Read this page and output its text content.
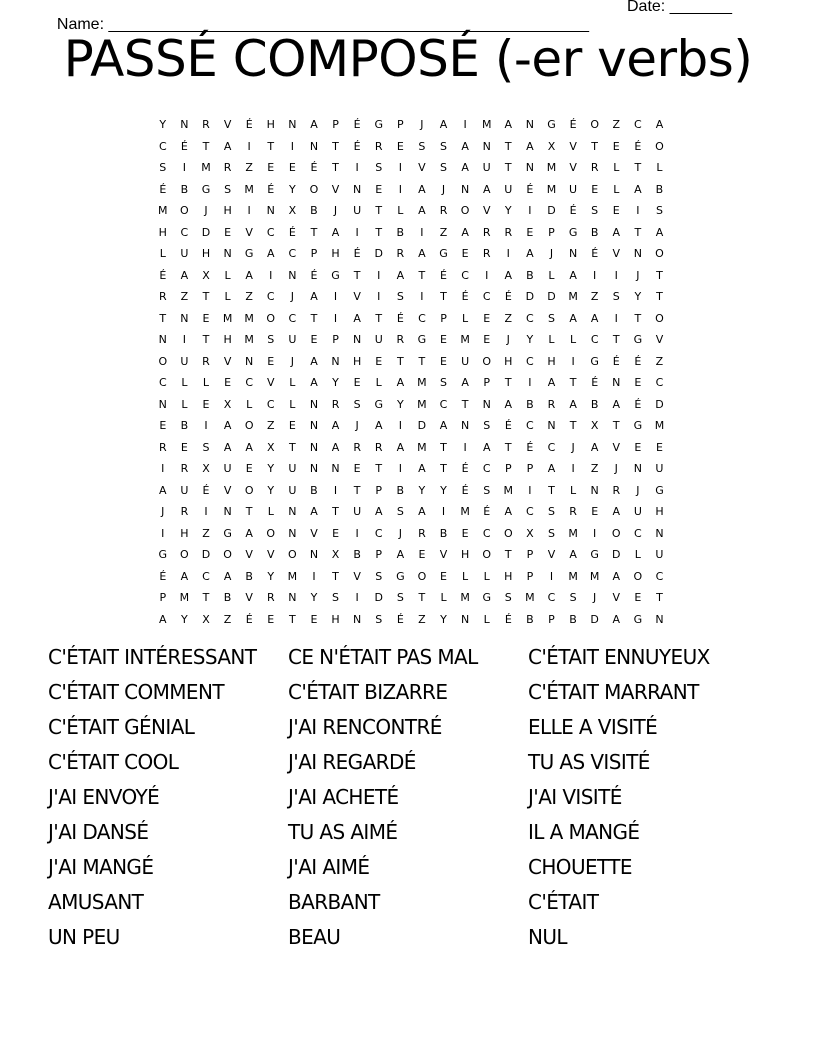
Name: ______________________________________________________

Date: _______

PASSÉ COMPOSÉ (-er verbs)
Y	N	R	V	É	H	N	A	P	É	G	P	J	A	I	M	A	N	G	É	O	Z	C	A
C	É	T	A	I	T	I	N	T	É	R	E	S	S	A	N	T	A	X	V	T	E	É	O
S	I	M	R	Z	E	E	É	T	I	S	I	V	S	A	U	T	N	M	V	R	L	T	L
É	B	G	S	M	É	Y	O	V	N	E	I	A	J	N	A	U	É	M	U	E	L	A	B
M	O	J	H	I	N	X	B	J	U	T	L	A	R	O	V	Y	I	D	É	S	E	I	S
H	C	D	E	V	C	É	T	A	I	T	B	I	Z	A	R	R	E	P	G	B	A	T	A
L	U	H	N	G	A	C	P	H	É	D	R	A	G	E	R	I	A	J	N	É	V	N	O
É	A	X	L	A	I	N	É	G	T	I	A	T	É	C	I	A	B	L	A	I	I	J	T
R	Z	T	L	Z	C	J	A	I	V	I	S	I	T	É	C	É	D	D	M	Z	S	Y	T
T	N	E	M	M	O	C	T	I	A	T	É	C	P	L	E	Z	C	S	A	A	I	T	O
N	I	T	H	M	S	U	E	P	N	U	R	G	E	M	E	J	Y	L	L	C	T	G	V
O	U	R	V	N	E	J	A	N	H	E	T	T	E	U	O	H	C	H	I	G	É	É	Z
C	L	L	E	C	V	L	A	Y	E	L	A	M	S	A	P	T	I	A	T	É	N	E	C
N	L	E	X	L	C	L	N	R	S	G	Y	M	C	T	N	A	B	R	A	B	A	É	D
E	B	I	A	O	Z	E	N	A	J	A	I	D	A	N	S	É	C	N	T	X	T	G	M
R	E	S	A	A	X	T	N	A	R	R	A	M	T	I	A	T	É	C	J	A	V	E	E
I	R	X	U	E	Y	U	N	N	E	T	I	A	T	É	C	P	P	A	I	Z	J	N	U
A	U	É	V	O	Y	U	B	I	T	P	B	Y	Y	É	S	M	I	T	L	N	R	J	G
J	R	I	N	T	L	N	A	T	U	A	S	A	I	M	É	A	C	S	R	E	A	U	H
I	H	Z	G	A	O	N	V	E	I	C	J	R	B	E	C	O	X	S	M	I	O	C	N
G	O	D	O	V	V	O	N	X	B	P	A	E	V	H	O	T	P	V	A	G	D	L	U
É	A	C	A	B	Y	M	I	T	V	S	G	O	E	L	L	H	P	I	M	M	A	O	C
P	M	T	B	V	R	N	Y	S	I	D	S	T	L	M	G	S	M	C	S	J	V	E	T
A	Y	X	Z	É	E	T	E	H	N	S	É	Z	Y	N	L	É	B	P	B	D	A	G	N
C'ÉTAIT INTÉRESSANT	CE N'ÉTAIT PAS MAL	C'ÉTAIT ENNUYEUX
C'ÉTAIT COMMENT	C'ÉTAIT BIZARRE	C'ÉTAIT MARRANT
C'ÉTAIT GÉNIAL	J'AI RENCONTRÉ	ELLE A VISITÉ
C'ÉTAIT COOL	J'AI REGARDÉ	TU AS VISITÉ
J'AI ENVOYÉ	J'AI ACHETÉ	J'AI VISITÉ
J'AI DANSÉ	TU AS AIMÉ	IL A MANGÉ
J'AI MANGÉ	J'AI AIMÉ	CHOUETTE
AMUSANT	BARBANT	C'ÉTAIT
UN PEU	BEAU	NUL
